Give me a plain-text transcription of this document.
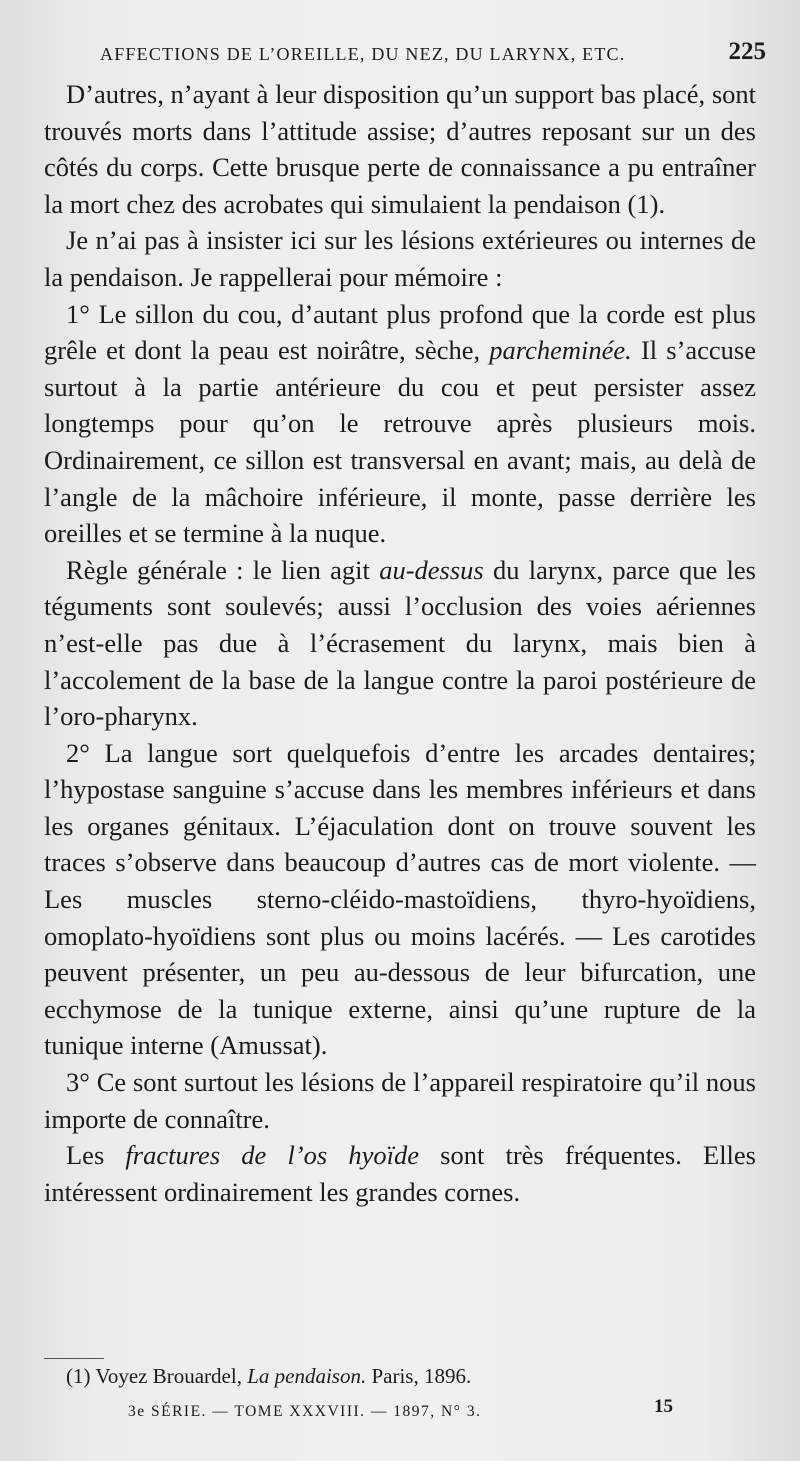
AFFECTIONS DE L’OREILLE, DU NEZ, DU LARYNX, ETC.	225

D’autres, n’ayant à leur disposition qu’un support bas placé, sont trouvés morts dans l’attitude assise; d’autres reposant sur un des côtés du corps. Cette brusque perte de connaissance a pu entraîner la mort chez des acrobates qui simulaient la pendaison (1).

Je n’ai pas à insister ici sur les lésions extérieures ou internes de la pendaison. Je rappellerai pour mémoire :

1° Le sillon du cou, d’autant plus profond que la corde est plus grêle et dont la peau est noirâtre, sèche, parcheminée. Il s’accuse surtout à la partie antérieure du cou et peut persister assez longtemps pour qu’on le retrouve après plusieurs mois. Ordinairement, ce sillon est transversal en avant; mais, au delà de l’angle de la mâchoire inférieure, il monte, passe derrière les oreilles et se termine à la nuque.

Règle générale : le lien agit au-dessus du larynx, parce que les téguments sont soulevés; aussi l’occlusion des voies aériennes n’est-elle pas due à l’écrasement du larynx, mais bien à l’accolement de la base de la langue contre la paroi postérieure de l’oro-pharynx.

2° La langue sort quelquefois d’entre les arcades dentaires; l’hypostase sanguine s’accuse dans les membres inférieurs et dans les organes génitaux. L’éjaculation dont on trouve souvent les traces s’observe dans beaucoup d’autres cas de mort violente. — Les muscles sterno-cléido-mastoïdiens, thyro-hyoïdiens, omoplato-hyoïdiens sont plus ou moins lacérés. — Les carotides peuvent présenter, un peu au-dessous de leur bifurcation, une ecchymose de la tunique externe, ainsi qu’une rupture de la tunique interne (Amussat).

3° Ce sont surtout les lésions de l’appareil respiratoire qu’il nous importe de connaître.

Les fractures de l’os hyoïde sont très fréquentes. Elles intéressent ordinairement les grandes cornes.

(1) Voyez Brouardel, La pendaison. Paris, 1896.
3e SÉRIE. — TOME XXXVIII. — 1897, N° 3.	15
